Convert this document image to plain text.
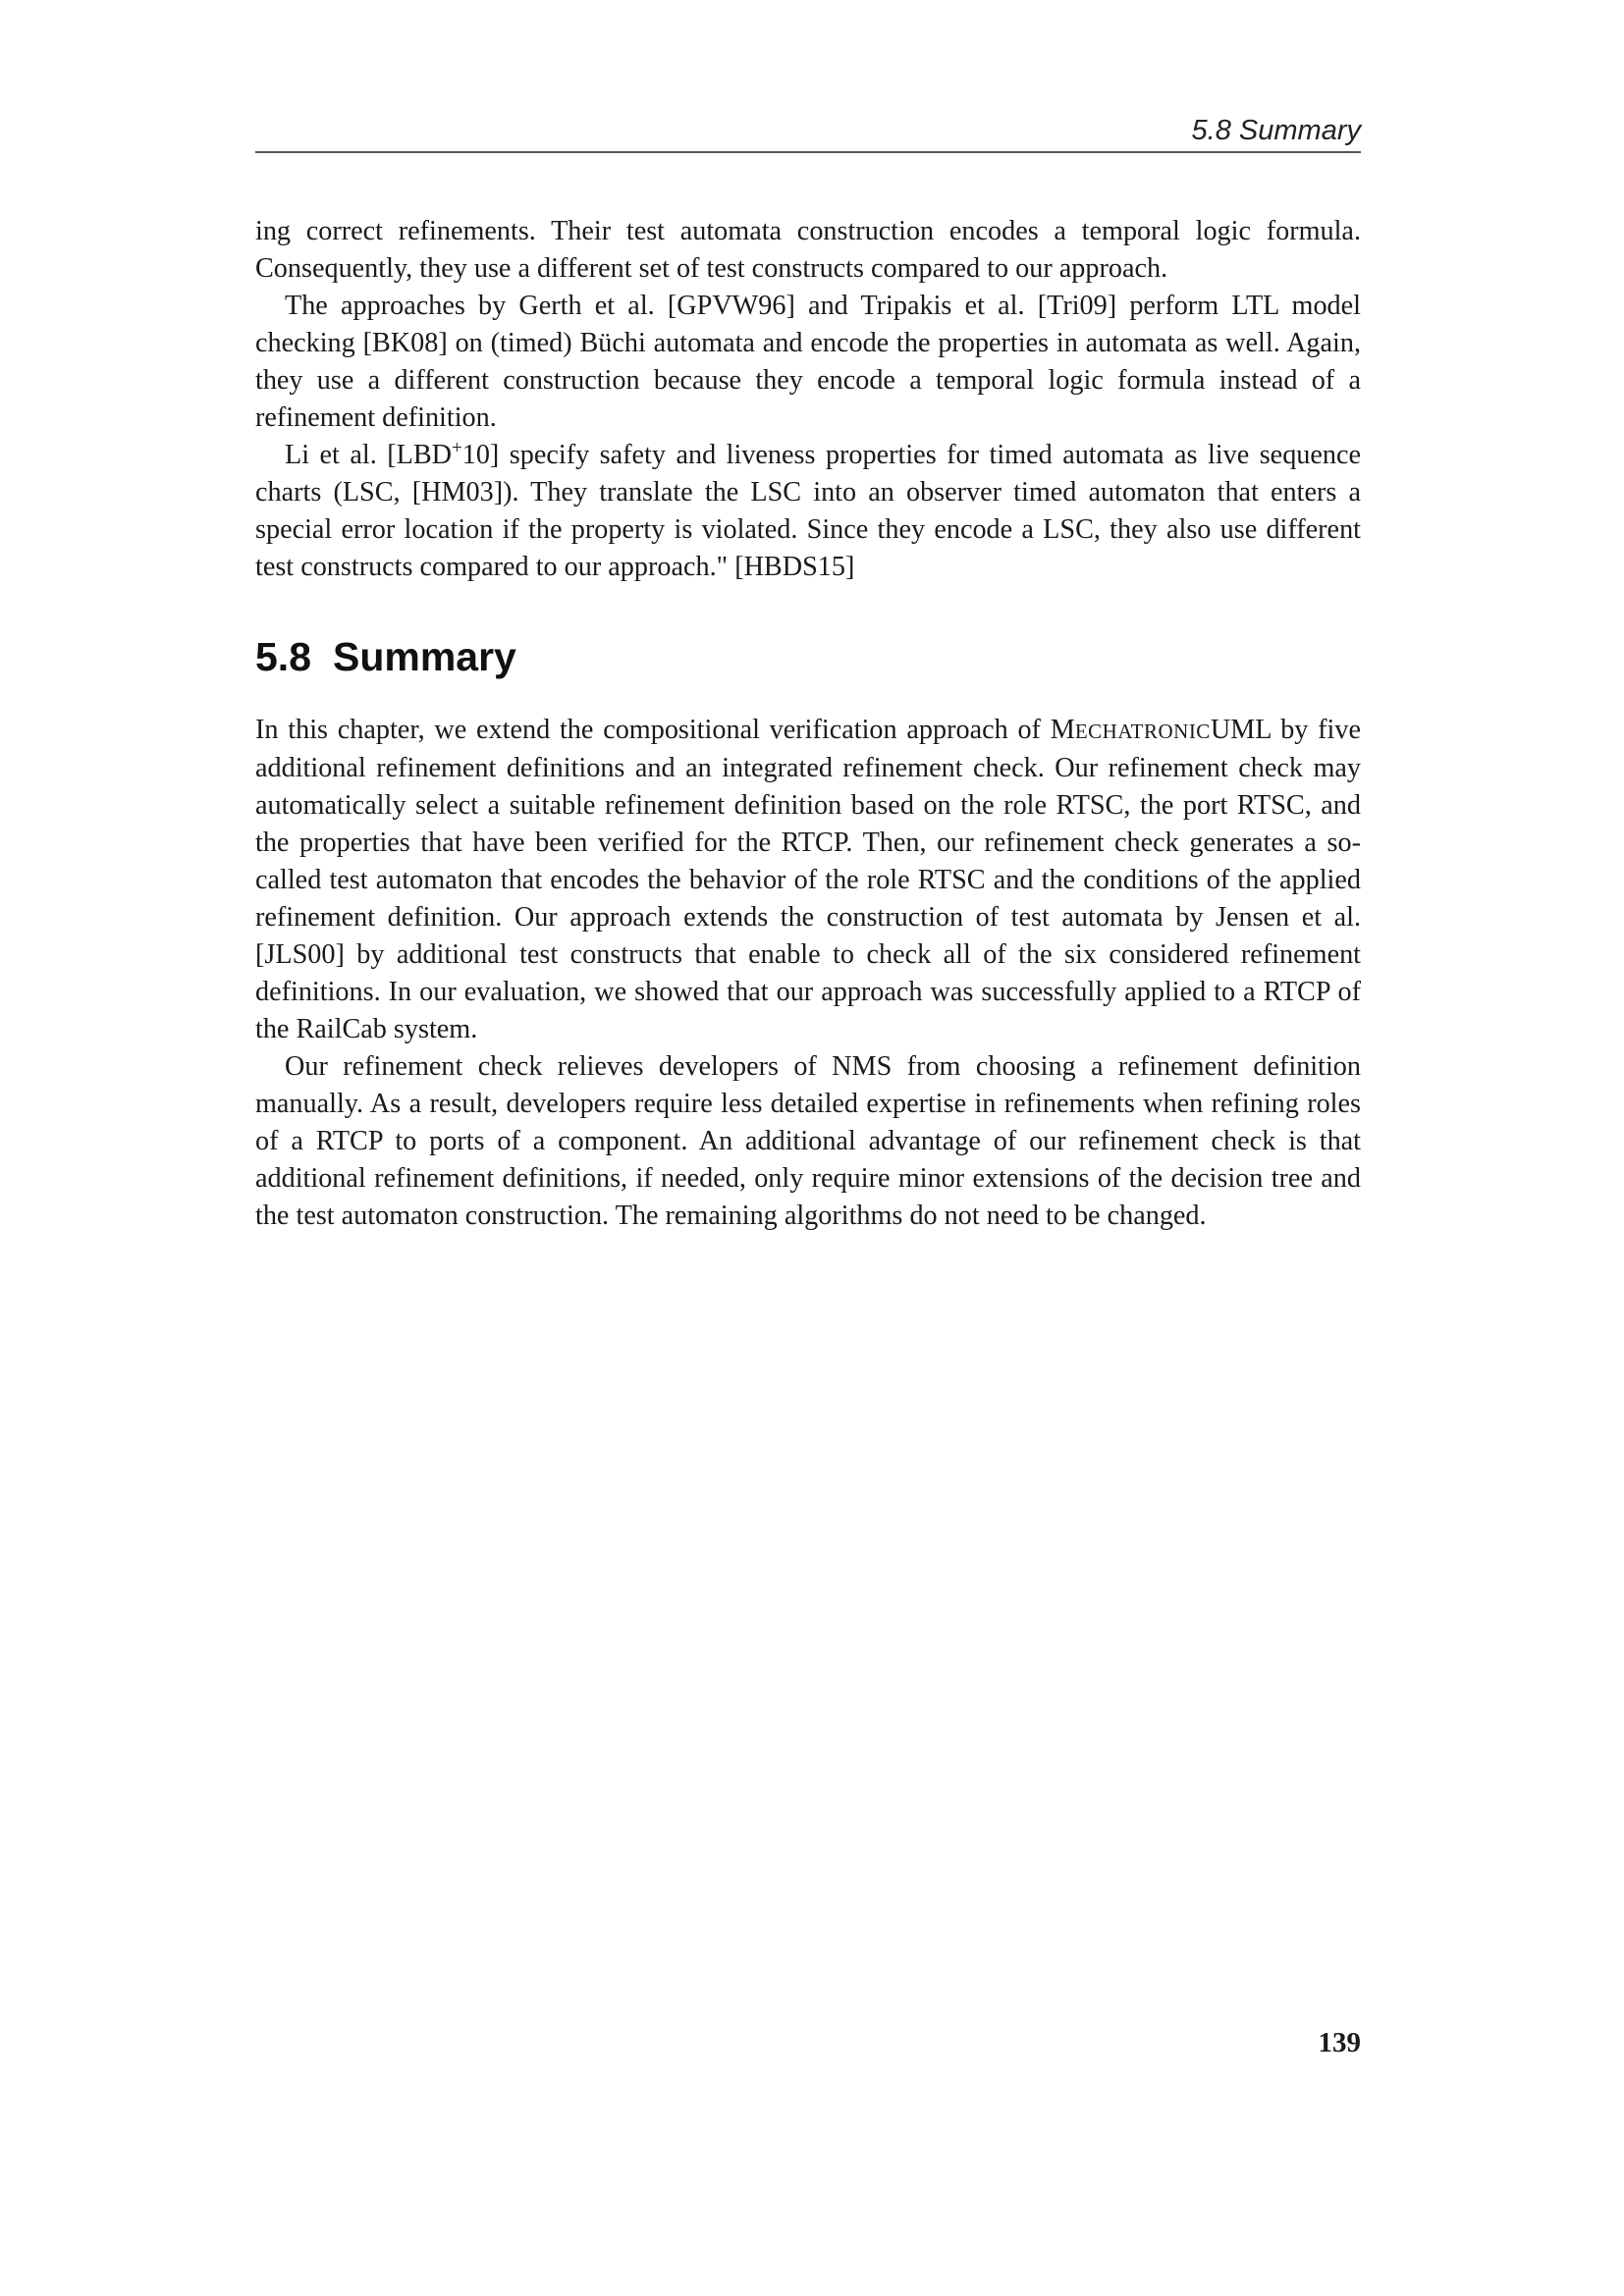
5.8 Summary

ing correct refinements. Their test automata construction encodes a temporal logic formula. Consequently, they use a different set of test constructs compared to our approach.

The approaches by Gerth et al. [GPVW96] and Tripakis et al. [Tri09] perform LTL model checking [BK08] on (timed) Büchi automata and encode the properties in automata as well. Again, they use a different construction because they encode a temporal logic formula instead of a refinement definition.

Li et al. [LBD+10] specify safety and liveness properties for timed automata as live sequence charts (LSC, [HM03]). They translate the LSC into an observer timed automaton that enters a special error location if the property is violated. Since they encode a LSC, they also use different test constructs compared to our approach." [HBDS15]

5.8 Summary

In this chapter, we extend the compositional verification approach of MECHATRONICUML by five additional refinement definitions and an integrated refinement check. Our refinement check may automatically select a suitable refinement definition based on the role RTSC, the port RTSC, and the properties that have been verified for the RTCP. Then, our refinement check generates a so-called test automaton that encodes the behavior of the role RTSC and the conditions of the applied refinement definition. Our approach extends the construction of test automata by Jensen et al. [JLS00] by additional test constructs that enable to check all of the six considered refinement definitions. In our evaluation, we showed that our approach was successfully applied to a RTCP of the RailCab system.

Our refinement check relieves developers of NMS from choosing a refinement definition manually. As a result, developers require less detailed expertise in refinements when refining roles of a RTCP to ports of a component. An additional advantage of our refinement check is that additional refinement definitions, if needed, only require minor extensions of the decision tree and the test automaton construction. The remaining algorithms do not need to be changed.

139
